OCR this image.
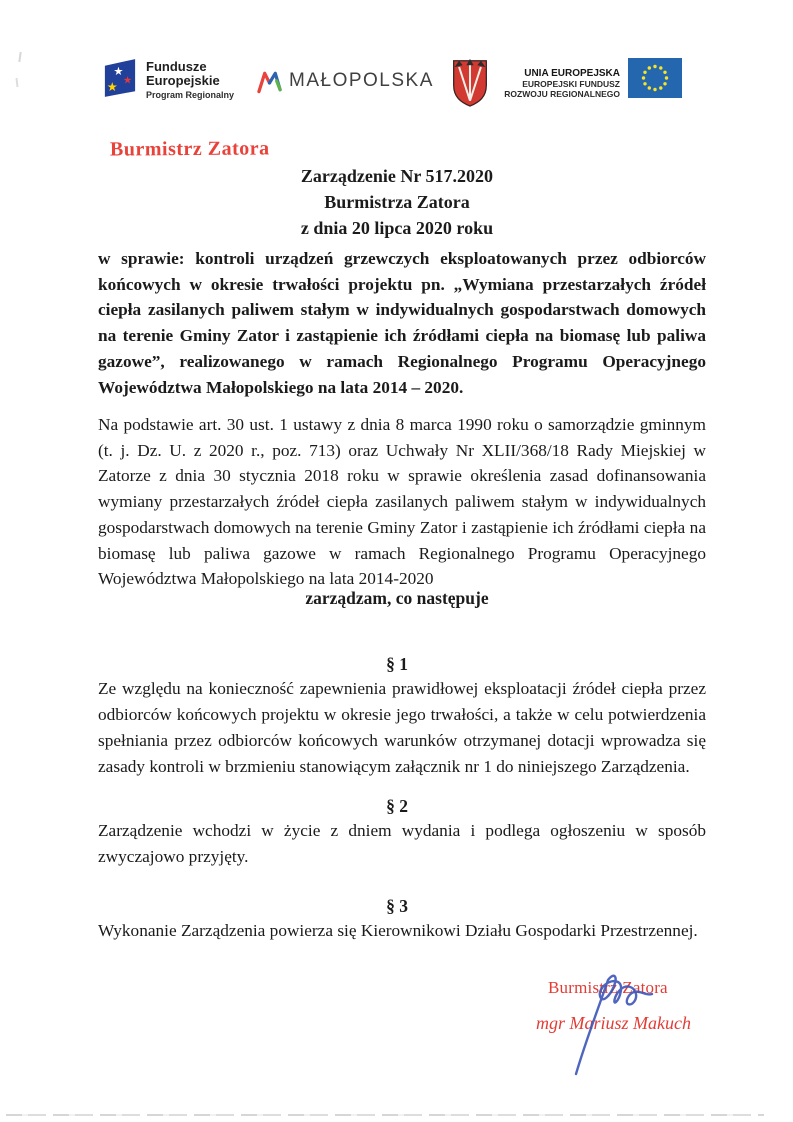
★
★
★
Fundusze
Europejskie
Program Regionalny
MAŁOPOLSKA	UNIA EUROPEJSKA
EUROPEJSKI FUNDUSZ
ROZWOJU REGIONALNEGO
Burmistrz Zatora
Zarządzenie Nr 517.2020
Burmistrza Zatora
z dnia 20 lipca 2020 roku
w sprawie: kontroli urządzeń grzewczych eksploatowanych przez odbiorców końcowych w okresie trwałości projektu pn. „Wymiana przestarzałych źródeł ciepła zasilanych paliwem stałym w indywidualnych gospodarstwach domowych na terenie Gminy Zator i zastąpienie ich źródłami ciepła na biomasę lub paliwa gazowe”, realizowanego w ramach Regionalnego Programu Operacyjnego Województwa Małopolskiego na lata 2014 – 2020.
Na podstawie art. 30 ust. 1 ustawy z dnia 8 marca 1990 roku o samorządzie gminnym (t. j. Dz. U. z 2020 r., poz. 713) oraz Uchwały Nr XLII/368/18 Rady Miejskiej w Zatorze z dnia 30 stycznia 2018 roku w sprawie określenia zasad dofinansowania wymiany przestarzałych źródeł ciepła zasilanych paliwem stałym w indywidualnych gospodarstwach domowych na terenie Gminy Zator i zastąpienie ich źródłami ciepła na biomasę lub paliwa gazowe w ramach Regionalnego Programu Operacyjnego Województwa Małopolskiego na lata 2014-2020
zarządzam, co następuje
§ 1
Ze względu na konieczność zapewnienia prawidłowej eksploatacji źródeł ciepła przez odbiorców końcowych projektu w okresie jego trwałości, a także w celu potwierdzenia spełniania przez odbiorców końcowych warunków otrzymanej dotacji wprowadza się zasady kontroli w brzmieniu stanowiącym załącznik nr 1 do niniejszego Zarządzenia.
§ 2
Zarządzenie wchodzi w życie z dniem wydania i podlega ogłoszeniu w sposób zwyczajowo przyjęty.
§ 3
Wykonanie Zarządzenia powierza się Kierownikowi Działu Gospodarki Przestrzennej.
Burmistrz Zatora
mgr Mariusz Makuch
